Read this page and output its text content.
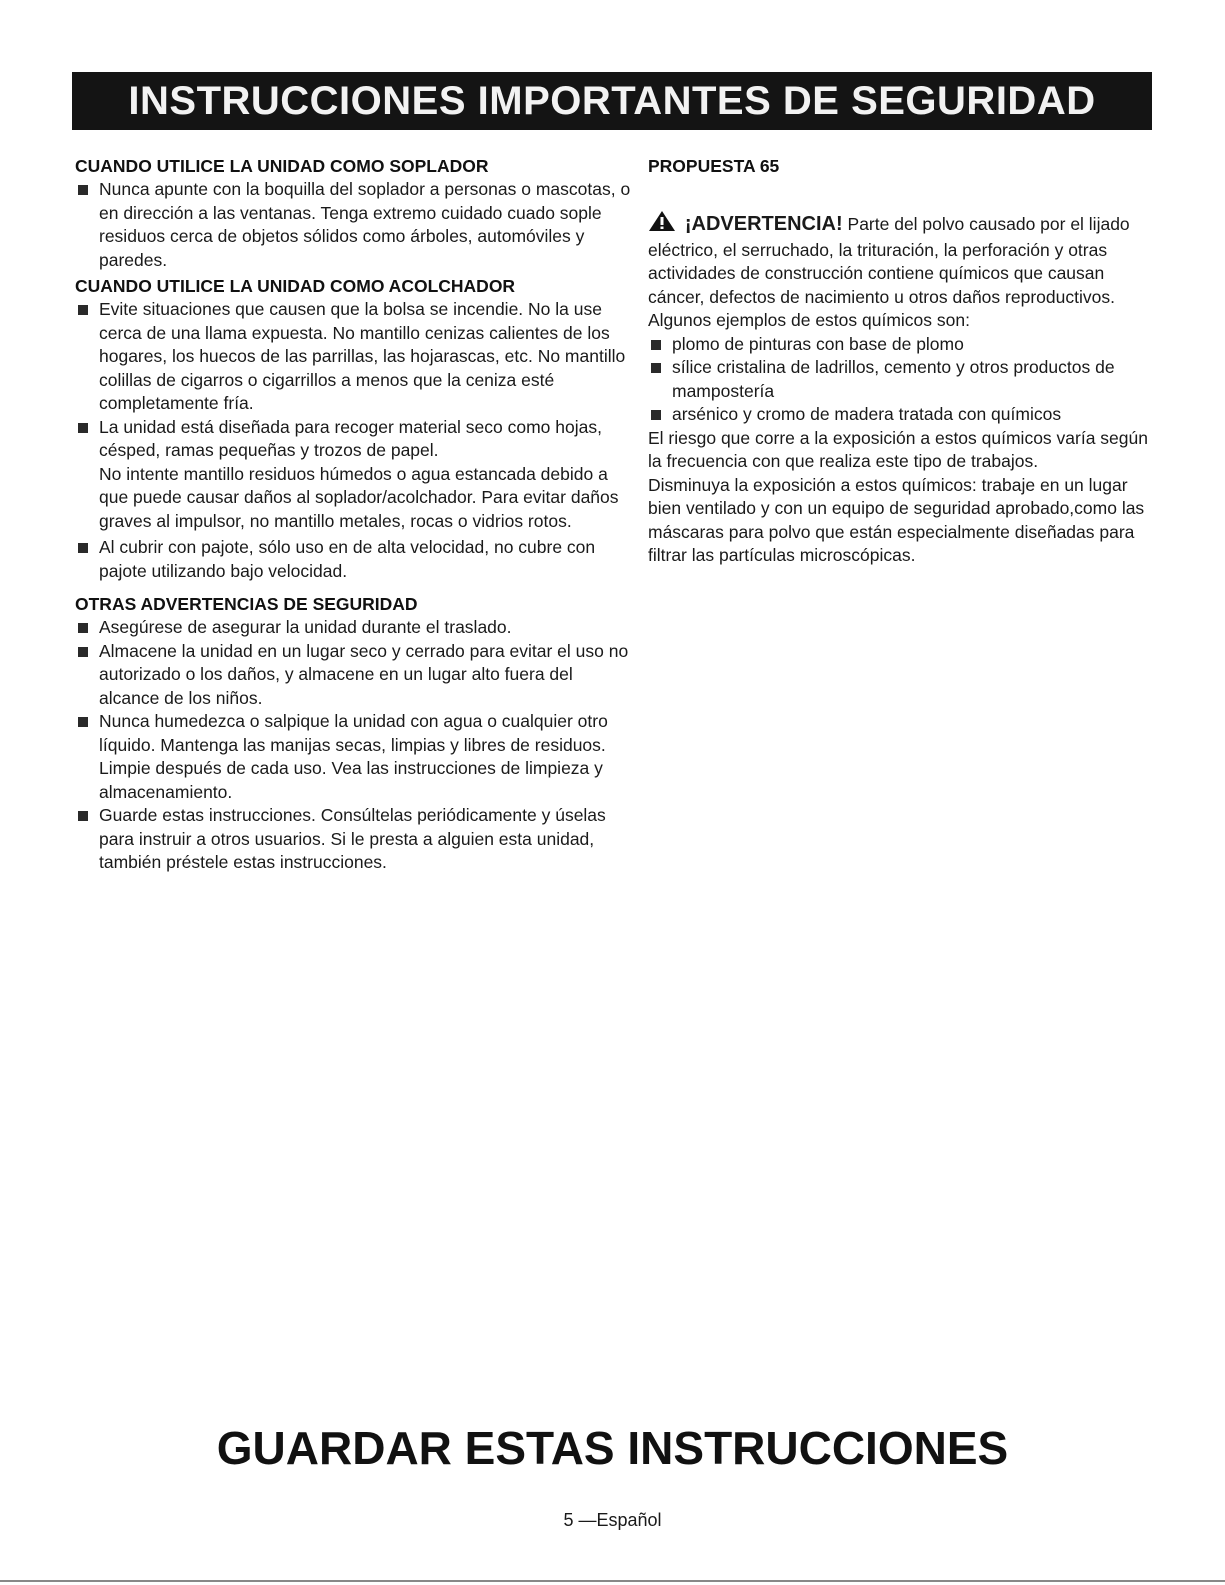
INSTRUCCIONES IMPORTANTES DE SEGURIDAD
CUANDO UTILICE LA UNIDAD COMO SOPLADOR
Nunca apunte con la boquilla del soplador a personas o mascotas, o en dirección a las ventanas. Tenga extremo cuidado cuado sople residuos cerca de objetos sólidos como árboles, automóviles y paredes.
CUANDO UTILICE LA UNIDAD COMO ACOLCHADOR
Evite situaciones que causen que la bolsa se incendie. No la use cerca de una llama expuesta. No mantillo cenizas calientes de los hogares, los huecos de las parrillas, las hojarascas, etc. No mantillo colillas de cigarros o cigarrillos a menos que la ceniza esté completamente fría.
La unidad está diseñada para recoger material seco como hojas, césped, ramas pequeñas y trozos de papel.

No intente mantillo residuos húmedos o agua estancada debido a que puede causar daños al soplador/acolchador. Para evitar daños graves al impulsor, no mantillo metales, rocas o vidrios rotos.

Al cubrir con pajote, sólo uso en de alta velocidad, no cubre con pajote utilizando bajo velocidad.
OTRAS ADVERTENCIAS DE SEGURIDAD
Asegúrese de asegurar la unidad durante el traslado.
Almacene la unidad en un lugar seco y cerrado para evitar el uso no autorizado o los daños, y almacene en un lugar alto fuera del alcance de los niños.
Nunca humedezca o salpique la unidad con agua o cualquier otro líquido. Mantenga las manijas secas, limpias y libres de residuos. Limpie después de cada uso. Vea las instrucciones de limpieza y almacenamiento.
Guarde estas instrucciones. Consúltelas periódicamente y úselas para instruir a otros usuarios. Si le presta a alguien esta unidad, también préstele estas instrucciones.
PROPUESTA 65

¡ADVERTENCIA! Parte del polvo causado por el lijado eléctrico, el serruchado, la trituración, la perforación y otras actividades de construcción contiene químicos que causan cáncer, defectos de nacimiento u otros daños reproductivos. Algunos ejemplos de estos químicos son:

plomo de pinturas con base de plomo
sílice cristalina de ladrillos, cemento y otros productos de mampostería
arsénico y cromo de madera tratada con químicos

El riesgo que corre a la exposición a estos químicos varía según la frecuencia con que realiza este tipo de trabajos.

Disminuya la exposición a estos químicos: trabaje en un lugar bien ventilado y con un equipo de seguridad aprobado,como las máscaras para polvo que están especialmente diseñadas para filtrar las partículas microscópicas.

GUARDAR ESTAS INSTRUCCIONES
5 —Español
